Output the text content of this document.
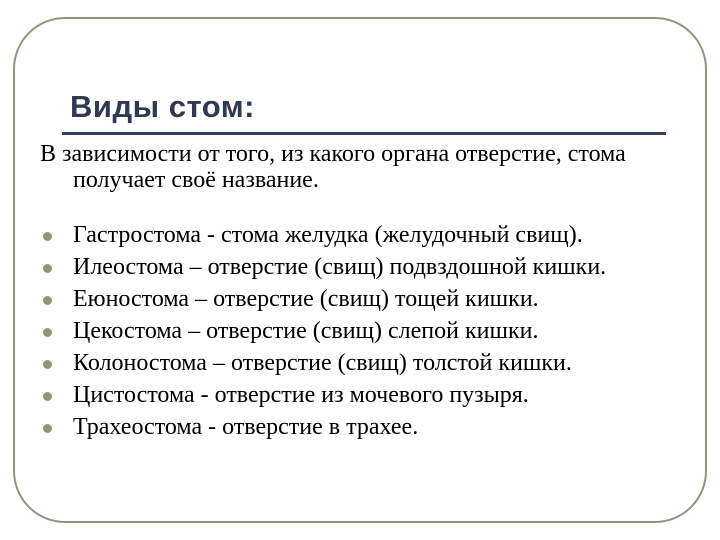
Виды стом:

В зависимости от того, из какого органа отверстие, стома получает своё название.

Гастростома - стома желудка (желудочный свищ).
Илеостома – отверстие (свищ) подвздошной кишки.
Еюностома – отверстие (свищ) тощей кишки.
Цекостома – отверстие (свищ) слепой кишки.
Колоностома – отверстие (свищ) толстой кишки.
Цистостома - отверстие из мочевого пузыря.
Трахеостома - отверстие в трахее.
